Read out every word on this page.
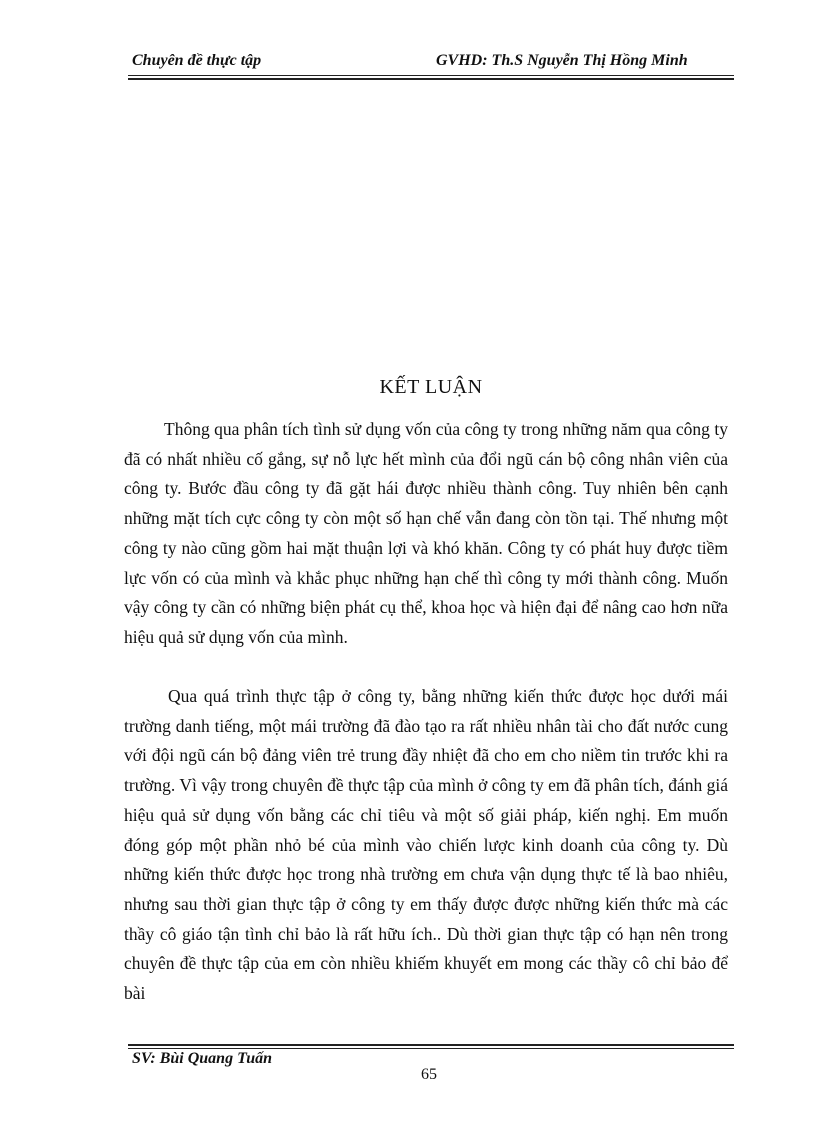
Chuyên đề thực tập	GVHD: Th.S Nguyễn Thị Hồng Minh
KẾT LUẬN

Thông qua phân tích tình sử dụng vốn của công ty trong những năm qua công ty đã có nhất nhiều cố gắng, sự nỗ lực hết mình của đổi ngũ cán bộ công nhân viên của công ty. Bước đầu công ty đã gặt hái được nhiều thành công. Tuy nhiên bên cạnh những mặt tích cực công ty còn một số hạn chế vẫn đang còn tồn tại. Thế nhưng một công ty nào cũng gồm hai mặt thuận lợi và khó khăn. Công ty có phát huy được tiềm lực vốn có của mình và khắc phục những hạn chế thì công ty mới thành công. Muốn vậy công ty cần có những biện phát cụ thể, khoa học và hiện đại để nâng cao hơn nữa hiệu quả sử dụng vốn của mình.

Qua quá trình thực tập ở công ty, bằng những kiến thức được học dưới mái trường danh tiếng, một mái trường đã đào tạo ra rất nhiều nhân tài cho đất nước cung với đội ngũ cán bộ đảng viên trẻ trung đầy nhiệt đã cho em cho niềm tin trước khi ra trường. Vì vậy trong chuyên đề thực tập của mình ở công ty em đã phân tích, đánh giá hiệu quả sử dụng vốn bằng các chỉ tiêu và một số giải pháp, kiến nghị. Em muốn đóng góp một phần nhỏ bé của mình vào chiến lược kinh doanh của công ty. Dù những kiến thức được học trong nhà trường em chưa vận dụng thực tế là bao nhiêu, nhưng sau thời gian thực tập ở công ty em thấy được được những kiến thức mà các thầy cô giáo tận tình chỉ bảo là rất hữu ích.. Dù thời gian thực tập có hạn nên trong chuyên đề thực tập của em còn nhiều khiếm khuyết em mong các thầy cô chỉ bảo để bài

SV: Bùi Quang Tuấn
65
